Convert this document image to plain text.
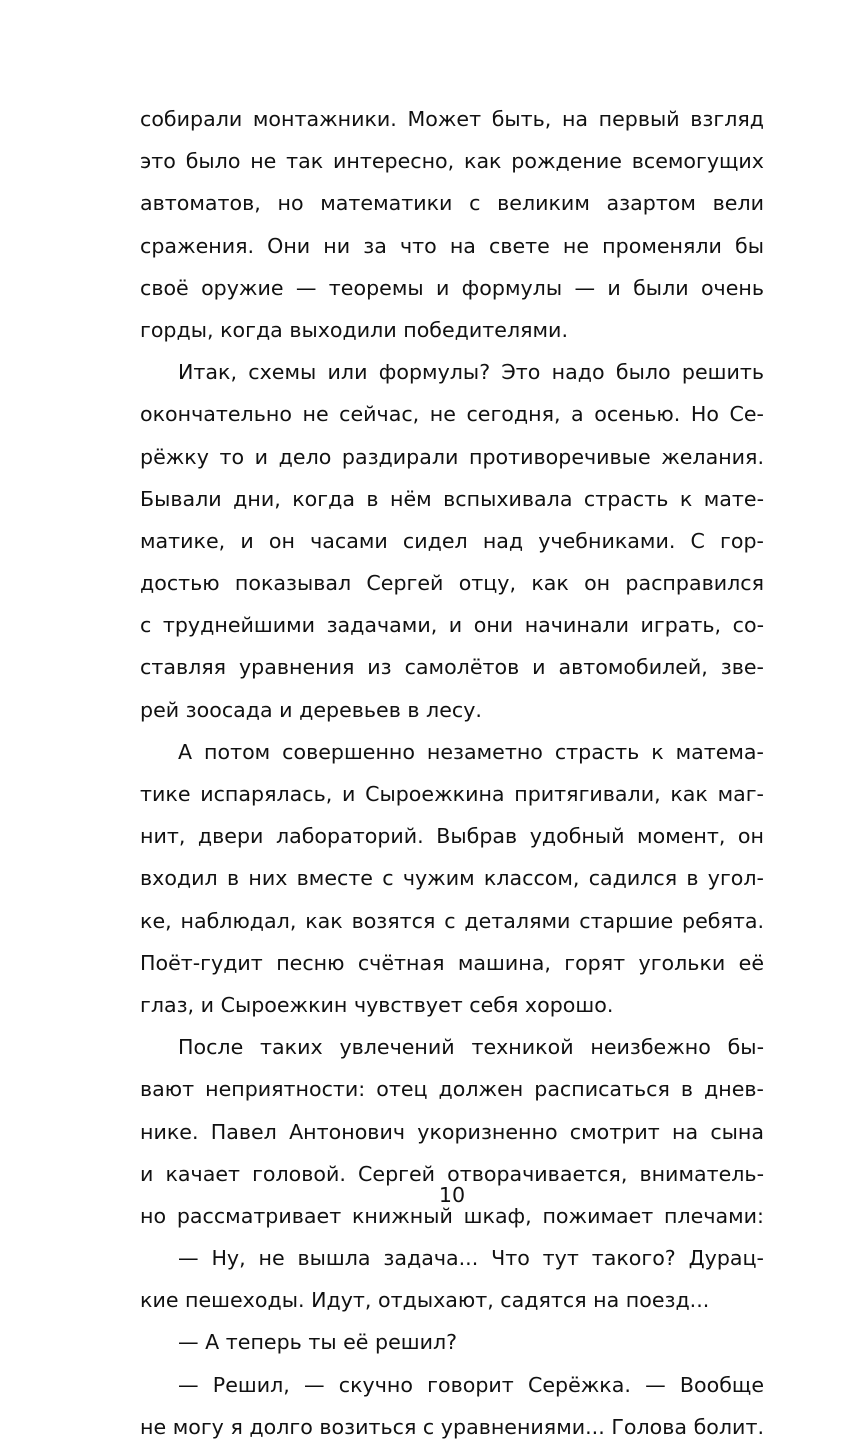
собирали монтажники. Может быть, на первый взгляд
это было не так интересно, как рождение всемогущих
автоматов, но математики с великим азартом вели
сражения. Они ни за что на свете не променяли бы
своё оружие — теоремы и формулы — и были очень
горды, когда выходили победителями.
Итак, схемы или формулы? Это надо было решить
окончательно не сейчас, не сегодня, а осенью. Но Се-
рёжку то и дело раздирали противоречивые желания.
Бывали дни, когда в нём вспыхивала страсть к мате-
матике, и он часами сидел над учебниками. С гор-
достью показывал Сергей отцу, как он расправился
с труднейшими задачами, и они начинали играть, со-
ставляя уравнения из самолётов и автомобилей, зве-
рей зоосада и деревьев в лесу.
А потом совершенно незаметно страсть к матема-
тике испарялась, и Сыроежкина притягивали, как маг-
нит, двери лабораторий. Выбрав удобный момент, он
входил в них вместе с чужим классом, садился в угол-
ке, наблюдал, как возятся с деталями старшие ребята.
Поёт-гудит песню счётная машина, горят угольки её
глаз, и Сыроежкин чувствует себя хорошо.
После таких увлечений техникой неизбежно бы-
вают неприятности: отец должен расписаться в днев-
нике. Павел Антонович укоризненно смотрит на сына
и качает головой. Сергей отворачивается, вниматель-
но рассматривает книжный шкаф, пожимает плечами:
— Ну, не вышла задача... Что тут такого? Дурац-
кие пешеходы. Идут, отдыхают, садятся на поезд...
— А теперь ты её решил?
— Решил, — скучно говорит Серёжка. — Вообще
не могу я долго возиться с уравнениями... Голова болит.
10
